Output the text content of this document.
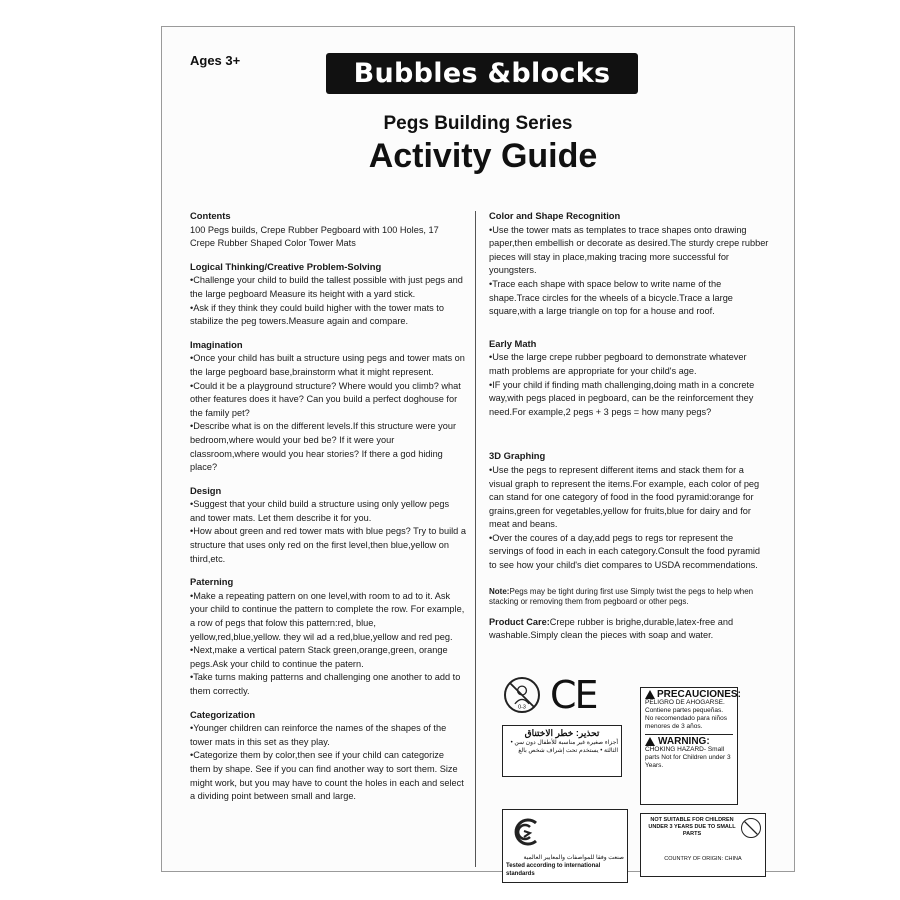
Ages 3+	Bubbles &blocks
Pegs Building Series
Activity Guide
Contents
100 Pegs builds, Crepe Rubber Pegboard with 100 Holes, 17 Crepe Rubber Shaped Color Tower Mats
Logical Thinking/Creative Problem-Solving
•Challenge your child to build the tallest possible with just pegs and the large pegboard Measure its height with a yard stick.
•Ask if they think they could build higher with the tower mats to stabilize the peg towers.Measure again and compare.
Imagination
•Once your child has built a structure using pegs and tower mats on the large pegboard base,brainstorm what it might represent.
•Could it be a playground structure? Where would you climb? what other features does it have? Can you build a perfect doghouse for the family pet?
•Describe what is on the different levels.If this structure were your bedroom,where would your bed be? If it were your classroom,where would you hear stories? If there a god hiding place?
Design
•Suggest that your child build a structure using only yellow pegs and tower mats. Let them describe it for you.
•How about green and red tower mats with blue pegs? Try to build a structure that uses only red on the first level,then blue,yellow on third,etc.
Paterning
•Make a repeating pattern on one level,with room to ad to it. Ask your child to continue the pattern to complete the row. For example, a row of pegs that folow this pattern:red, blue, yellow,red,blue,yellow. they wil ad a red,blue,yellow and red peg.
•Next,make a vertical patern Stack green,orange,green, orange pegs.Ask your child to continue the patern.
•Take turns making patterns and challenging one another to add to them correctly.
Categorization
•Younger children can reinforce the names of the shapes of the tower mats in this set as they play.
•Categorize them by color,then see if your child can categorize them by shape. See if you can find another way to sort them. Size might work, but you may have to count the holes in each and select a dividing point between small and large.
Color and Shape Recognition
•Use the tower mats as templates to trace shapes onto drawing paper,then embellish or decorate as desired.The sturdy crepe rubber pieces will stay in place,making tracing more successful for youngsters.
•Trace each shape with space below to write name of the shape.Trace circles for the wheels of a bicycle.Trace a large square,with a large triangle on top for a house and roof.
Early Math
•Use the large crepe rubber pegboard to demonstrate whatever math problems are appropriate for your child's age.
•IF your child if finding math challenging,doing math in a concrete way,with pegs placed in pegboard, can be the reinforcement they need.For example,2 pegs + 3 pegs = how many pegs?
3D Graphing
•Use the pegs to represent different items and stack them for a visual graph to represent the items.For example, each color of peg can stand for one category of food in the food pyramid:orange for grains,green for vegetables,yellow for fruits,blue for dairy and for meat and beans.
•Over the coures of a day,add pegs to regs tor represent the servings of food in each in each category.Consult the food pyramid to see how your child's diet compares to USDA recommendations.
Note:Pegs may be tight during first use Simply twist the pegs to help when stacking or removing them from pegboard or other pegs.
Product Care:Crepe rubber is brighe,durable,latex-free and washable.Simply clean the pieces with soap and water.
0-3 CE
تحذير: خطر الاختناق
• أجزاء صغيرة غير مناسبة للأطفال دون سن الثالثة • يستخدم تحت إشراف شخص بالغ
PRECAUCIONES:
PELIGRO DE AHOGARSE. Contiene partes pequeñas. No recomendado para niños menores de 3 años.
WARNING:
CHOKING HAZARD- Small parts Not for Children under 3 Years.
صنعت وفقا للمواصفات والمعايير العالمية
Tested according to international standards
NOT SUITABLE FOR CHILDREN UNDER 3 YEARS DUE TO SMALL PARTS
COUNTRY OF ORIGIN: CHINA
